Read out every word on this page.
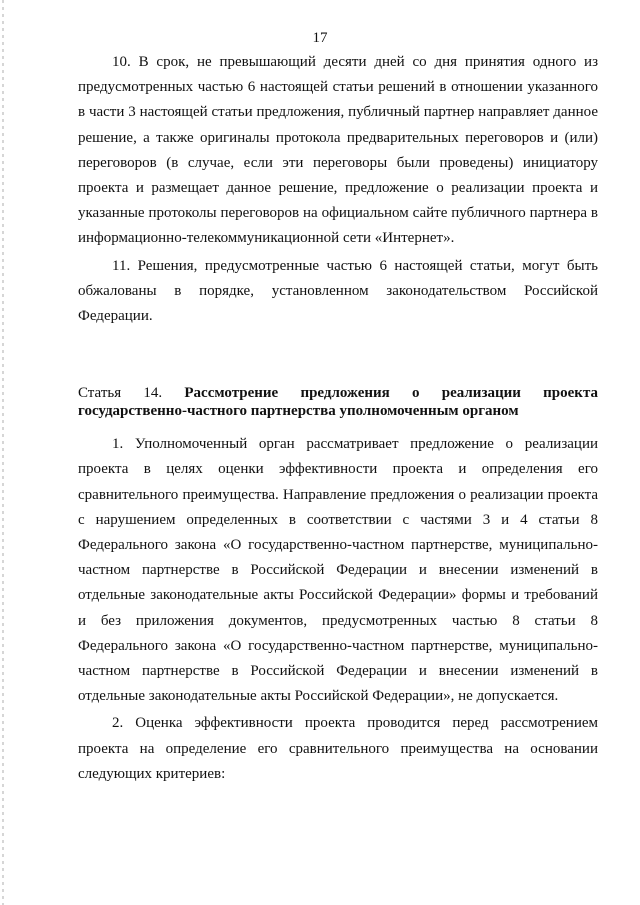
17

10. В срок, не превышающий десяти дней со дня принятия одного из предусмотренных частью 6 настоящей статьи решений в отношении указанного в части 3 настоящей статьи предложения, публичный партнер направляет данное решение, а также оригиналы протокола предварительных переговоров и (или) переговоров (в случае, если эти переговоры были проведены) инициатору проекта и размещает данное решение, предложение о реализации проекта и указанные протоколы переговоров на официальном сайте публичного партнера в информационно-телекоммуникационной сети «Интернет».

11. Решения, предусмотренные частью 6 настоящей статьи, могут быть обжалованы в порядке, установленном законодательством Российской Федерации.

Статья 14. Рассмотрение предложения о реализации проекта государственно-частного партнерства уполномоченным органом

1. Уполномоченный орган рассматривает предложение о реализации проекта в целях оценки эффективности проекта и определения его сравнительного преимущества. Направление предложения о реализации проекта с нарушением определенных в соответствии с частями 3 и 4 статьи 8 Федерального закона «О государственно-частном партнерстве, муниципально-частном партнерстве в Российской Федерации и внесении изменений в отдельные законодательные акты Российской Федерации» формы и требований и без приложения документов, предусмотренных частью 8 статьи 8 Федерального закона «О государственно-частном партнерстве, муниципально-частном партнерстве в Российской Федерации и внесении изменений в отдельные законодательные акты Российской Федерации», не допускается.

2. Оценка эффективности проекта проводится перед рассмотрением проекта на определение его сравнительного преимущества на основании следующих критериев:
